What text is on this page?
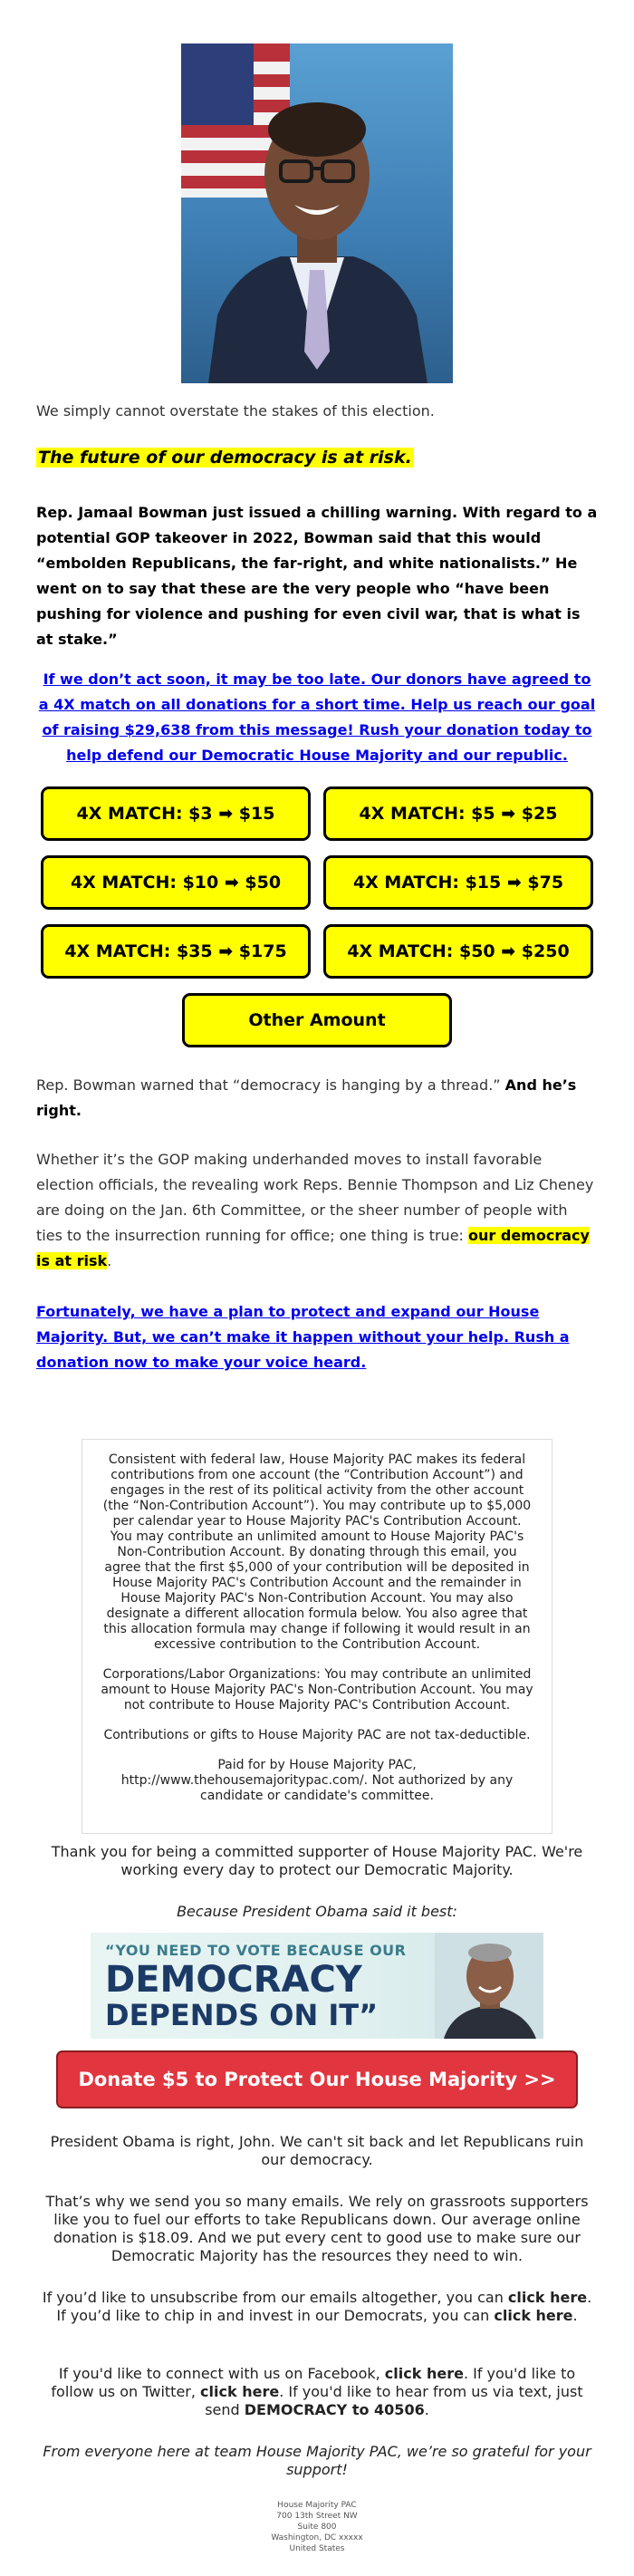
We simply cannot overstate the stakes of this election.

The future of our democracy is at risk.

Rep. Jamaal Bowman just issued a chilling warning. With regard to a potential GOP takeover in 2022, Bowman said that this would “embolden Republicans, the far-right, and white nationalists.” He went on to say that these are the very people who “have been pushing for violence and pushing for even civil war, that is what is at stake.”

If we don’t act soon, it may be too late. Our donors have agreed to a 4X match on all donations for a short time. Help us reach our goal of raising $29,638 from this message! Rush your donation today to help defend our Democratic House Majority and our republic.

4X MATCH: $3 ➡ $15	4X MATCH: $5 ➡ $25
4X MATCH: $10 ➡ $50	4X MATCH: $15 ➡ $75
4X MATCH: $35 ➡ $175	4X MATCH: $50 ➡ $250
Other Amount

Rep. Bowman warned that “democracy is hanging by a thread.” And he’s right.

Whether it’s the GOP making underhanded moves to install favorable election officials, the revealing work Reps. Bennie Thompson and Liz Cheney are doing on the Jan. 6th Committee, or the sheer number of people with ties to the insurrection running for office; one thing is true: our democracy is at risk.

Fortunately, we have a plan to protect and expand our House Majority. But, we can’t make it happen without your help. Rush a donation now to make your voice heard.

Consistent with federal law, House Majority PAC makes its federal contributions from one account (the “Contribution Account”) and engages in the rest of its political activity from the other account (the “Non-Contribution Account”). You may contribute up to $5,000 per calendar year to House Majority PAC's Contribution Account. You may contribute an unlimited amount to House Majority PAC's Non-Contribution Account. By donating through this email, you agree that the first $5,000 of your contribution will be deposited in House Majority PAC's Contribution Account and the remainder in House Majority PAC's Non-Contribution Account. You may also designate a different allocation formula below. You also agree that this allocation formula may change if following it would result in an excessive contribution to the Contribution Account.

Corporations/Labor Organizations: You may contribute an unlimited amount to House Majority PAC's Non-Contribution Account. You may not contribute to House Majority PAC's Contribution Account.

Contributions or gifts to House Majority PAC are not tax-deductible.

Paid for by House Majority PAC,
http://www.thehousemajoritypac.com/. Not authorized by any candidate or candidate's committee.

Thank you for being a committed supporter of House Majority PAC. We're working every day to protect our Democratic Majority.

Because President Obama said it best:

“YOU NEED TO VOTE BECAUSE OUR
DEMOCRACY
DEPENDS ON IT”
Donate $5 to Protect Our House Majority >>

President Obama is right, John. We can't sit back and let Republicans ruin our democracy.

That’s why we send you so many emails. We rely on grassroots supporters like you to fuel our efforts to take Republicans down. Our average online donation is $18.09. And we put every cent to good use to make sure our Democratic Majority has the resources they need to win.

If you’d like to unsubscribe from our emails altogether, you can click here. If you’d like to chip in and invest in our Democrats, you can click here.

If you'd like to connect with us on Facebook, click here. If you'd like to follow us on Twitter, click here. If you'd like to hear from us via text, just send DEMOCRACY to 40506.

From everyone here at team House Majority PAC, we’re so grateful for your support!

House Majority PAC
700 13th Street NW
Suite 800
Washington, DC xxxxx
United States
